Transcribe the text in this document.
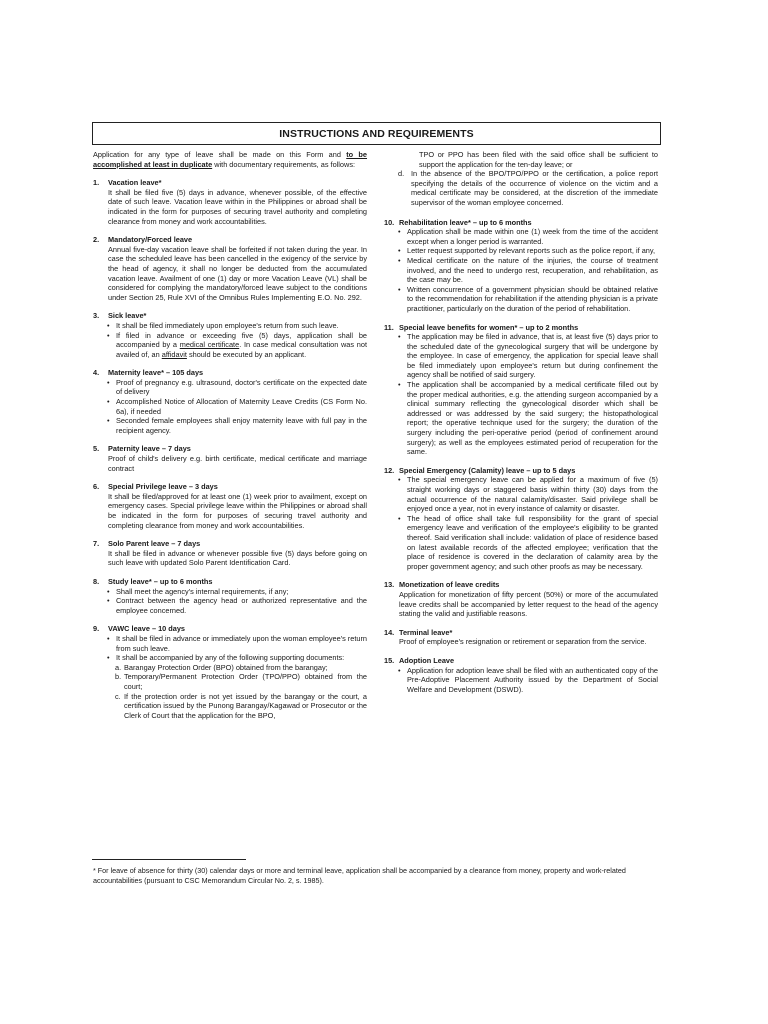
INSTRUCTIONS AND REQUIREMENTS

Application for any type of leave shall be made on this Form and to be accomplished at least in duplicate with documentary requirements, as follows:

1. Vacation leave*

It shall be filed five (5) days in advance, whenever possible, of the effective date of such leave. Vacation leave within in the Philippines or abroad shall be indicated in the form for purposes of securing travel authority and completing clearance from money and work accountabilities.

2. Mandatory/Forced leave

Annual five-day vacation leave shall be forfeited if not taken during the year. In case the scheduled leave has been cancelled in the exigency of the service by the head of agency, it shall no longer be deducted from the accumulated vacation leave. Availment of one (1) day or more Vacation Leave (VL) shall be considered for complying the mandatory/forced leave subject to the conditions under Section 25, Rule XVI of the Omnibus Rules Implementing E.O. No. 292.

3. Sick leave*
• It shall be filed immediately upon employee's return from such leave.
• If filed in advance or exceeding five (5) days, application shall be accompanied by a medical certificate. In case medical consultation was not availed of, an affidavit should be executed by an applicant.
4. Maternity leave* – 105 days
• Proof of pregnancy e.g. ultrasound, doctor's certificate on the expected date of delivery
• Accomplished Notice of Allocation of Maternity Leave Credits (CS Form No. 6a), if needed
• Seconded female employees shall enjoy maternity leave with full pay in the recipient agency.
5. Paternity leave – 7 days

Proof of child's delivery e.g. birth certificate, medical certificate and marriage contract

6. Special Privilege leave – 3 days

It shall be filed/approved for at least one (1) week prior to availment, except on emergency cases. Special privilege leave within the Philippines or abroad shall be indicated in the form for purposes of securing travel authority and completing clearance from money and work accountabilities.

7. Solo Parent leave – 7 days

It shall be filed in advance or whenever possible five (5) days before going on such leave with updated Solo Parent Identification Card.

8. Study leave* – up to 6 months
• Shall meet the agency's internal requirements, if any;
• Contract between the agency head or authorized representative and the employee concerned.
9. VAWC leave – 10 days
• It shall be filed in advance or immediately upon the woman employee's return from such leave.
• It shall be accompanied by any of the following supporting documents:
a. Barangay Protection Order (BPO) obtained from the barangay;
b. Temporary/Permanent Protection Order (TPO/PPO) obtained from the court;
c. If the protection order is not yet issued by the barangay or the court, a certification issued by the Punong Barangay/Kagawad or Prosecutor or the Clerk of Court that the application for the BPO,

TPO or PPO has been filed with the said office shall be sufficient to support the application for the ten-day leave; or

d. In the absence of the BPO/TPO/PPO or the certification, a police report specifying the details of the occurrence of violence on the victim and a medical certificate may be considered, at the discretion of the immediate supervisor of the woman employee concerned.
10. Rehabilitation leave* – up to 6 months
• Application shall be made within one (1) week from the time of the accident except when a longer period is warranted.
• Letter request supported by relevant reports such as the police report, if any,
• Medical certificate on the nature of the injuries, the course of treatment involved, and the need to undergo rest, recuperation, and rehabilitation, as the case may be.
• Written concurrence of a government physician should be obtained relative to the recommendation for rehabilitation if the attending physician is a private practitioner, particularly on the duration of the period of rehabilitation.
11. Special leave benefits for women* – up to 2 months
• The application may be filed in advance, that is, at least five (5) days prior to the scheduled date of the gynecological surgery that will be undergone by the employee. In case of emergency, the application for special leave shall be filed immediately upon employee's return but during confinement the agency shall be notified of said surgery.
• The application shall be accompanied by a medical certificate filled out by the proper medical authorities, e.g. the attending surgeon accompanied by a clinical summary reflecting the gynecological disorder which shall be addressed or was addressed by the said surgery; the histopathological report; the operative technique used for the surgery; the duration of the surgery including the peri-operative period (period of confinement around surgery); as well as the employees estimated period of recuperation for the same.
12. Special Emergency (Calamity) leave – up to 5 days
• The special emergency leave can be applied for a maximum of five (5) straight working days or staggered basis within thirty (30) days from the actual occurrence of the natural calamity/disaster. Said privilege shall be enjoyed once a year, not in every instance of calamity or disaster.
• The head of office shall take full responsibility for the grant of special emergency leave and verification of the employee's eligibility to be granted thereof. Said verification shall include: validation of place of residence based on latest available records of the affected employee; verification that the place of residence is covered in the declaration of calamity area by the proper government agency; and such other proofs as may be necessary.
13. Monetization of leave credits

Application for monetization of fifty percent (50%) or more of the accumulated leave credits shall be accompanied by letter request to the head of the agency stating the valid and justifiable reasons.

14. Terminal leave*

Proof of employee's resignation or retirement or separation from the service.

15. Adoption Leave
• Application for adoption leave shall be filed with an authenticated copy of the Pre-Adoptive Placement Authority issued by the Department of Social Welfare and Development (DSWD).

* For leave of absence for thirty (30) calendar days or more and terminal leave, application shall be accompanied by a clearance from money, property and work-related accountabilities (pursuant to CSC Memorandum Circular No. 2, s. 1985).
